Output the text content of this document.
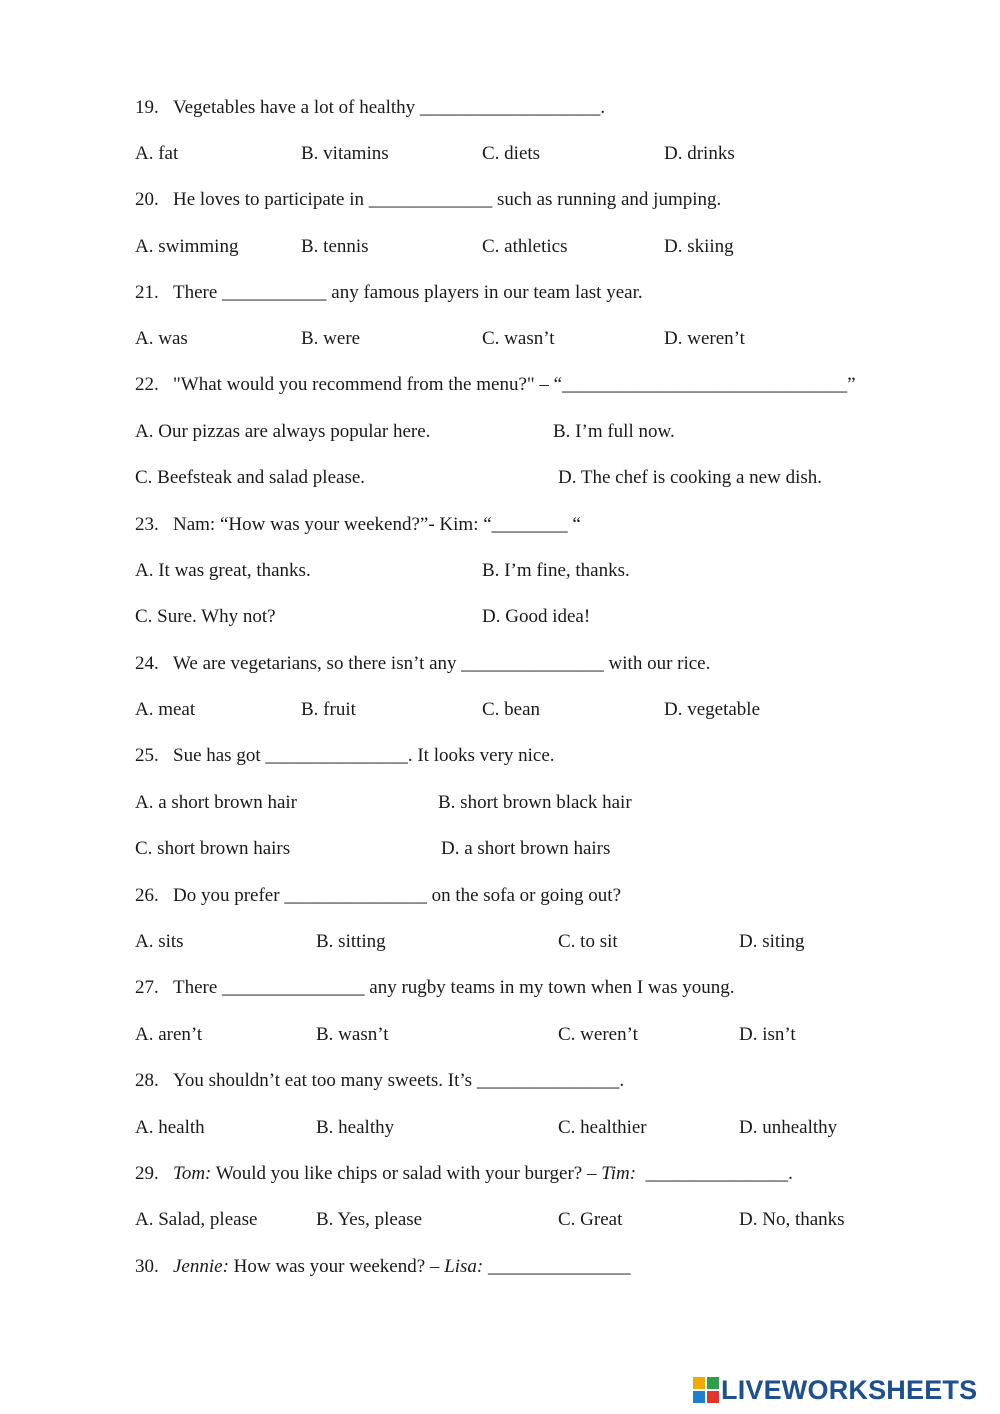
19. Vegetables have a lot of healthy ___________________.
A. fat	B. vitamins	C. diets	D. drinks
20. He loves to participate in _____________ such as running and jumping.
A. swimming	B. tennis	C. athletics	D. skiing
21. There ___________ any famous players in our team last year.
A. was	B. were	C. wasn’t	D. weren’t
22. "What would you recommend from the menu?" – “______________________________”
A. Our pizzas are always popular here.	B. I’m full now.
C. Beefsteak and salad please.	D. The chef is cooking a new dish.
23. Nam: “How was your weekend?”- Kim: “________ “
A. It was great, thanks.	B. I’m fine, thanks.
C. Sure. Why not?	D. Good idea!
24. We are vegetarians, so there isn’t any _______________ with our rice.
A. meat	B. fruit	C. bean	D. vegetable
25. Sue has got _______________. It looks very nice.
A. a short brown hair	B. short brown black hair
C. short brown hairs	D. a short brown hairs
26. Do you prefer _______________ on the sofa or going out?
A. sits	B. sitting	C. to sit	D. siting
27. There _______________ any rugby teams in my town when I was young.
A. aren’t	B. wasn’t	C. weren’t	D. isn’t
28. You shouldn’t eat too many sweets. It’s _______________.
A. health	B. healthy	C. healthier	D. unhealthy
29. Tom: Would you like chips or salad with your burger? – Tim:  _______________.
A. Salad, please	B. Yes, please	C. Great	D. No, thanks
30. Jennie: How was your weekend? – Lisa: _______________
LIVEWORKSHEETS
